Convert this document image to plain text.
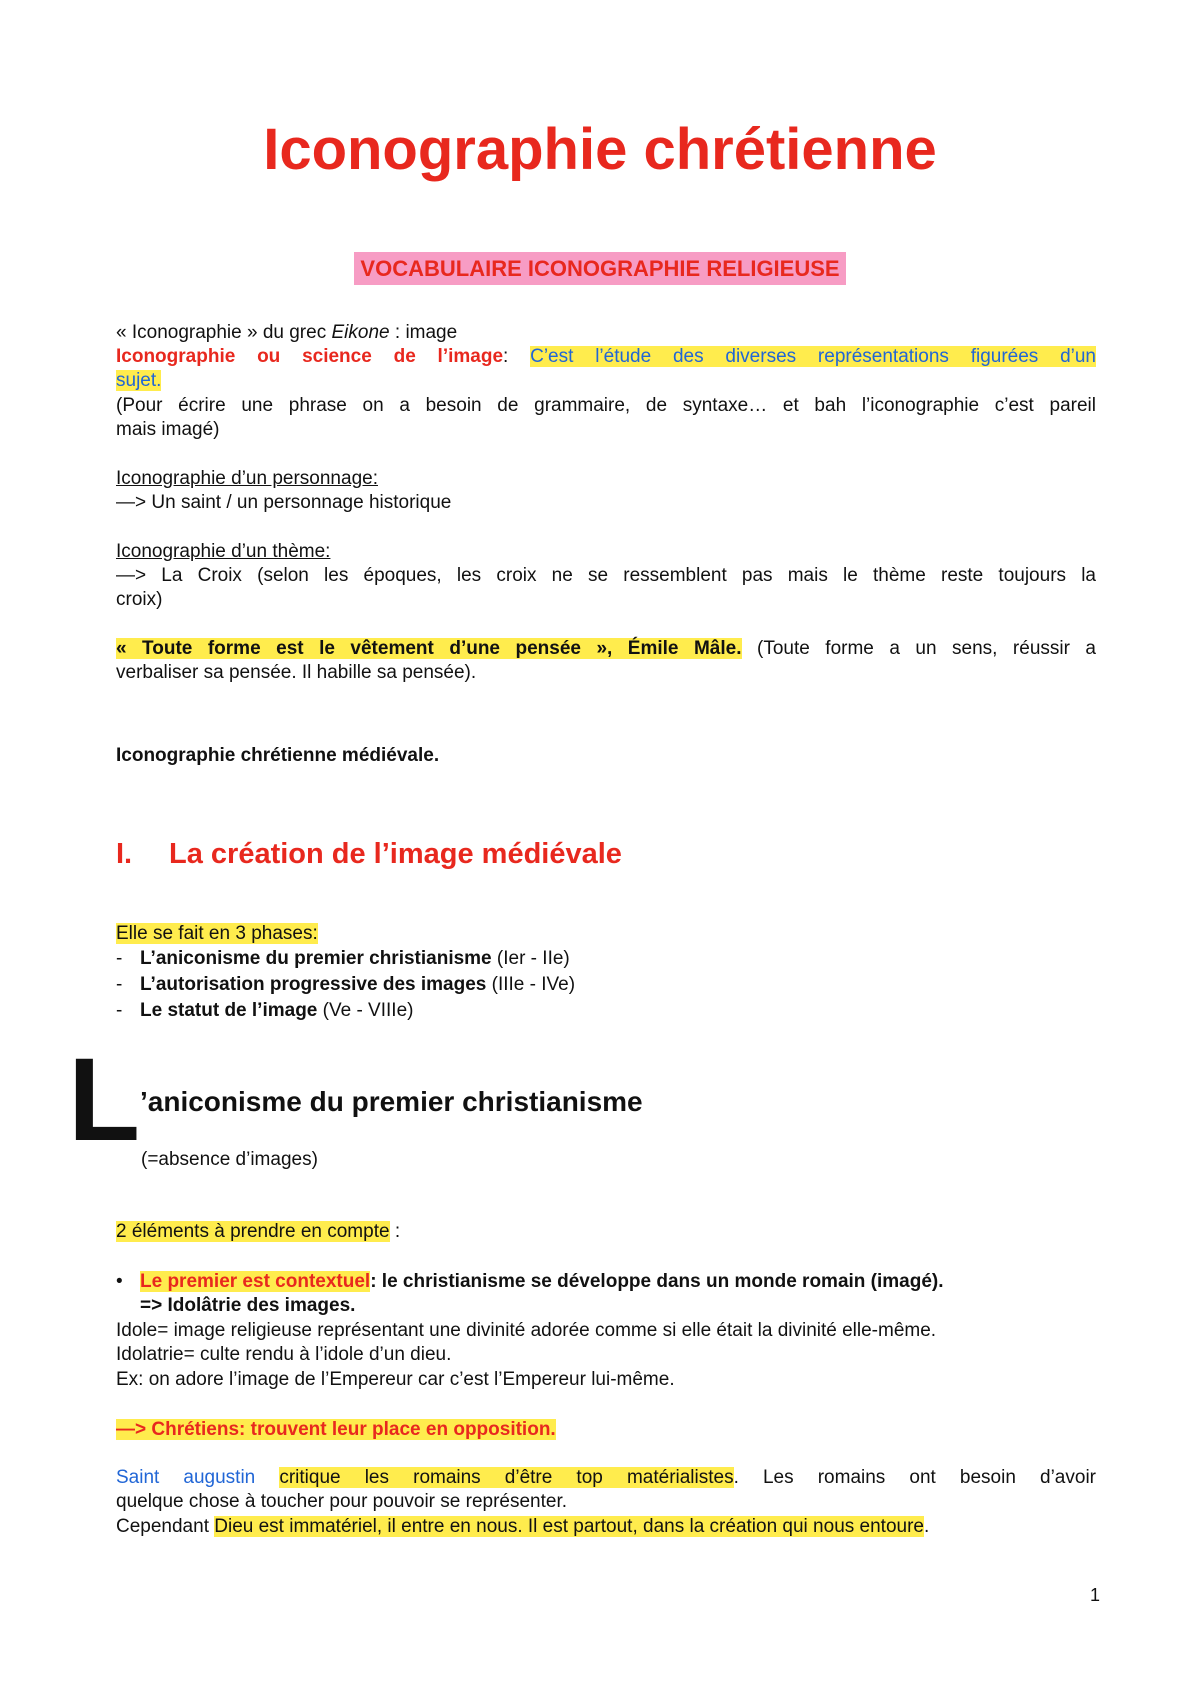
Iconographie chrétienne
VOCABULAIRE ICONOGRAPHIE RELIGIEUSE
« Iconographie » du grec Eikone : image
Iconographie ou science de l’image: C’est l’étude des diverses représentations figurées d’un
sujet.
(Pour écrire une phrase on a besoin de grammaire, de syntaxe… et bah l’iconographie c’est pareil
mais imagé)
Iconographie d’un personnage:
—> Un saint / un personnage historique
Iconographie d’un thème:
—> La Croix (selon les époques, les croix ne se ressemblent pas mais le thème reste toujours la
croix)
« Toute forme est le vêtement d’une pensée », Émile Mâle. (Toute forme a un sens, réussir a
verbaliser sa pensée. Il habille sa pensée).
Iconographie chrétienne médiévale.
I. La création de l’image médiévale
Elle se fait en 3 phases:
- L’aniconisme du premier christianisme (Ier - IIe)
- L’autorisation progressive des images (IIIe - IVe)
- Le statut de l’image (Ve - VIIIe)
L ’aniconisme du premier christianisme
(=absence d’images)
2 éléments à prendre en compte :
• Le premier est contextuel: le christianisme se développe dans un monde romain (imagé).
=> Idolâtrie des images.
Idole= image religieuse représentant une divinité adorée comme si elle était la divinité elle-même.
Idolatrie= culte rendu à l’idole d’un dieu.
Ex: on adore l’image de l’Empereur car c’est l’Empereur lui-même.
—> Chrétiens: trouvent leur place en opposition.
Saint augustin critique les romains d’être top matérialistes. Les romains ont besoin d’avoir
quelque chose à toucher pour pouvoir se représenter.
Cependant Dieu est immatériel, il entre en nous. Il est partout, dans la création qui nous entoure.
1
